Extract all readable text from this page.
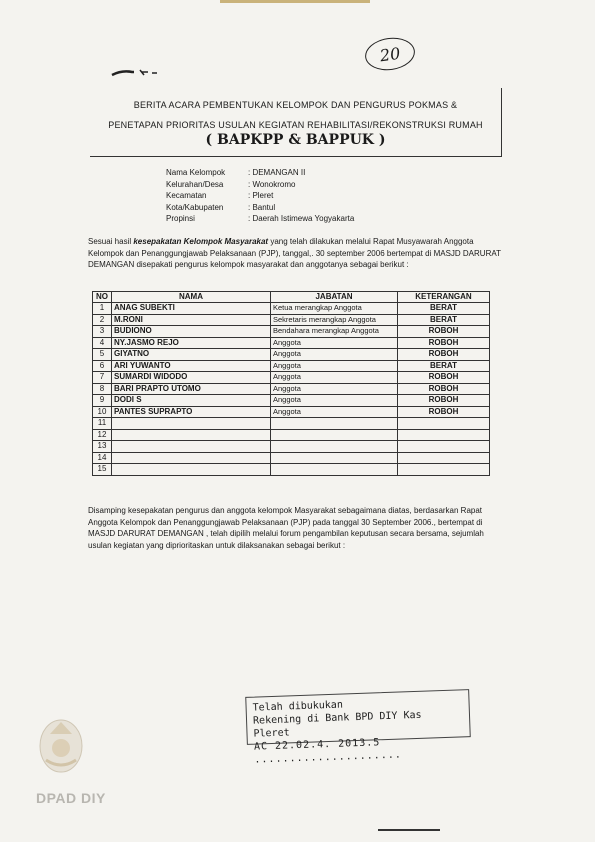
20
BERITA ACARA PEMBENTUKAN KELOMPOK DAN PENGURUS POKMAS &
PENETAPAN PRIORITAS USULAN KEGIATAN REHABILITASI/REKONSTRUKSI RUMAH
( BAPKPP & BAPPUK )
Nama Kelompok	: DEMANGAN II
Kelurahan/Desa	: Wonokromo
Kecamatan	: Pleret
Kota/Kabupaten	: Bantul
Propinsi	: Daerah Istimewa Yogyakarta
Sesuai hasil kesepakatan Kelompok Masyarakat yang telah dilakukan melalui Rapat Musyawarah Anggota Kelompok dan Penanggungjawab Pelaksanaan (PJP), tanggal,. 30 september 2006 bertempat di MASJD DARURAT DEMANGAN disepakati pengurus kelompok masyarakat dan anggotanya sebagai berikut :
NO	NAMA	JABATAN	KETERANGAN
1	ANAG SUBEKTI	Ketua merangkap Anggota	BERAT
2	M.RONI	Sekretaris merangkap Anggota	BERAT
3	BUDIONO	Bendahara merangkap Anggota	ROBOH
4	NY.JASMO REJO	Anggota	ROBOH
5	GIYATNO	Anggota	ROBOH
6	ARI YUWANTO	Anggota	BERAT
7	SUMARDI WIDODO	Anggota	ROBOH
8	BARI PRAPTO UTOMO	Anggota	ROBOH
9	DODI S	Anggota	ROBOH
10	PANTES SUPRAPTO	Anggota	ROBOH
11			
12			
13			
14			
15			
Disamping kesepakatan pengurus dan anggota kelompok Masyarakat sebagaimana diatas, berdasarkan Rapat Anggota Kelompok dan Penanggungjawab Pelaksanaan (PJP) pada tanggal 30 September 2006., bertempat di MASJD DARURAT DEMANGAN , telah dipilih melalui forum pengambilan keputusan secara bersama, sejumlah usulan kegiatan yang diprioritaskan untuk dilaksanakan sebagai berikut :
Telah dibukukan
Rekening di Bank BPD DIY Kas Pleret
AC 22.02.4. 2013.5 .....................
DPAD DIY
